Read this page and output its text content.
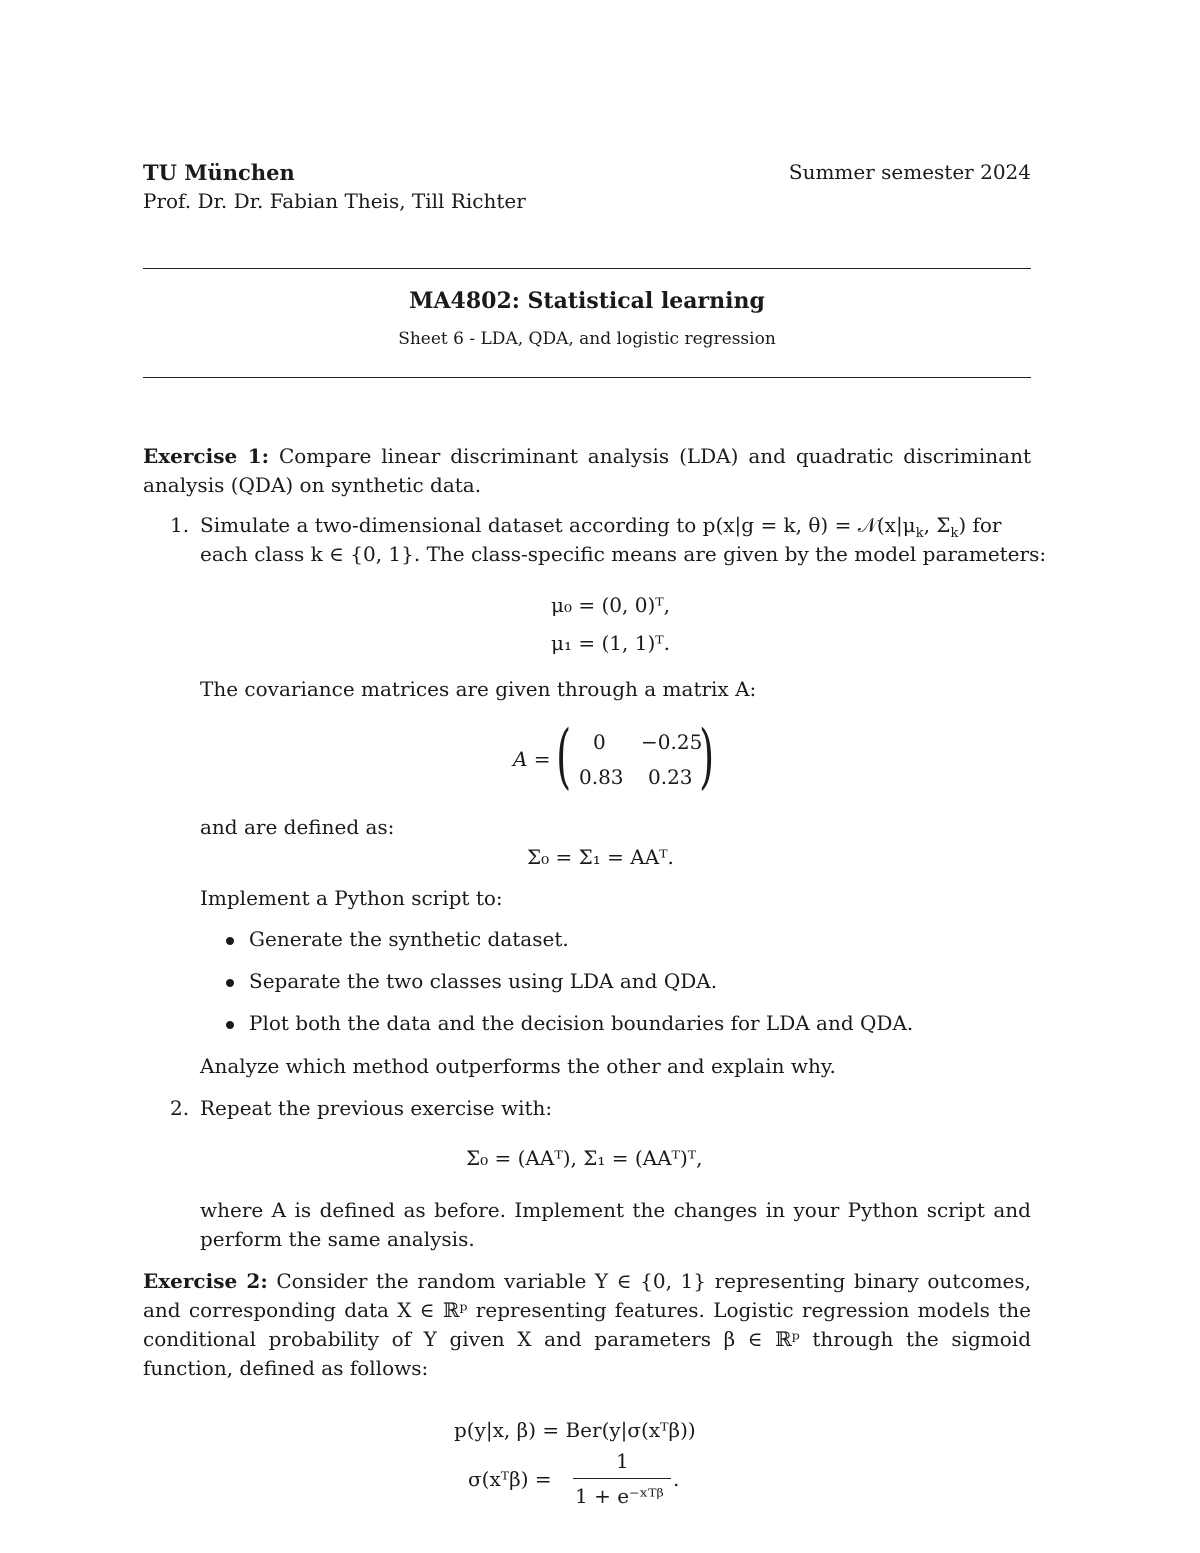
TU München	Summer semester 2024
Prof. Dr. Dr. Fabian Theis, Till Richter
MA4802: Statistical learning
Sheet 6 - LDA, QDA, and logistic regression
Exercise 1: Compare linear discriminant analysis (LDA) and quadratic discriminant analysis (QDA) on synthetic data.
1. Simulate a two-dimensional dataset according to p(x|g = k, $\theta) = 𝒩(x|\mu_k$, $\Sigma_k$) for
each class k ∈ {0, 1}. The class-specific means are given by the model parameters:
μ₀ = (0, 0)ᵀ,
μ₁ = (1, 1)ᵀ.
The covariance matrices are given through a matrix A:
A = ( 0 −0.25
0.83 0.23 )
and are defined as:
Σ₀ = Σ₁ = AAᵀ.
Implement a Python script to:
Generate the synthetic dataset.
Separate the two classes using LDA and QDA.
Plot both the data and the decision boundaries for LDA and QDA.
Analyze which method outperforms the other and explain why.
2. Repeat the previous exercise with:
Σ₀ = (AAᵀ), Σ₁ = (AAᵀ)ᵀ,
where A is defined as before. Implement the changes in your Python script and perform the same analysis.
Exercise 2: Consider the random variable Y ∈ {0, 1} representing binary outcomes, and corresponding data X ∈ ℝᵖ representing features. Logistic regression models the conditional probability of Y given X and parameters β ∈ ℝᵖ through the sigmoid function, defined as follows:
p(y|x, β) = Ber(y|σ(xᵀβ))
σ(xᵀβ) =
1
1 + e⁻ˣᵀᵝ
.
